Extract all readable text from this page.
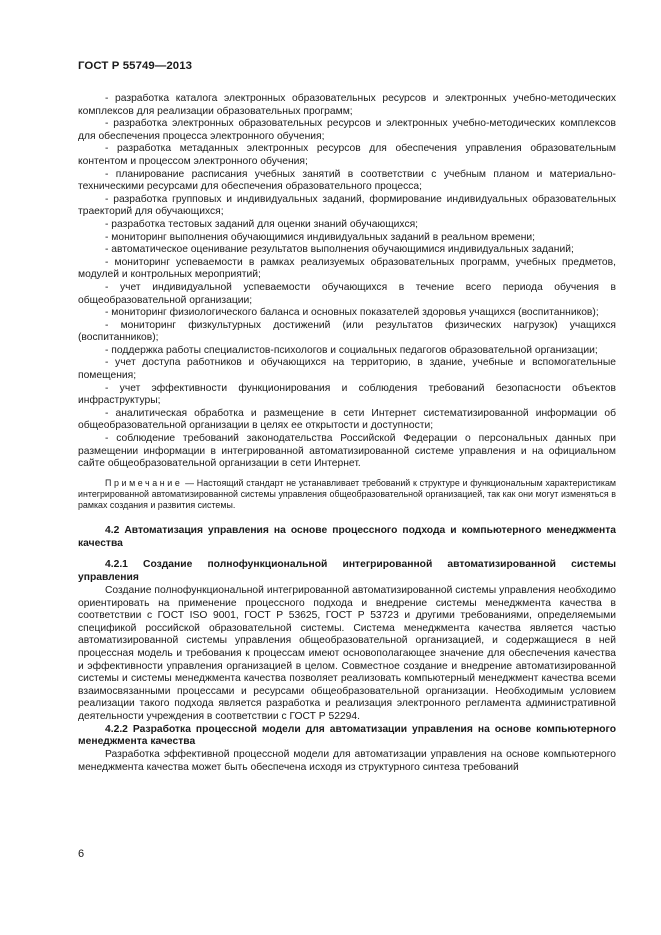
ГОСТ Р 55749—2013

- разработка каталога электронных образовательных ресурсов и электронных учебно-методических комплексов для реализации образовательных программ;

- разработка электронных образовательных ресурсов и электронных учебно-методических комплексов для обеспечения процесса электронного обучения;

- разработка метаданных электронных ресурсов для обеспечения управления образовательным контентом и процессом электронного обучения;

- планирование расписания учебных занятий в соответствии с учебным планом и материально-техническими ресурсами для обеспечения образовательного процесса;

- разработка групповых и индивидуальных заданий, формирование индивидуальных образовательных траекторий для обучающихся;

- разработка тестовых заданий для оценки знаний обучающихся;

- мониторинг выполнения обучающимися индивидуальных заданий в реальном времени;

- автоматическое оценивание результатов выполнения обучающимися индивидуальных заданий;

- мониторинг успеваемости в рамках реализуемых образовательных программ, учебных предметов, модулей и контрольных мероприятий;

- учет индивидуальной успеваемости обучающихся в течение всего периода обучения в общеобразовательной организации;

- мониторинг физиологического баланса и основных показателей здоровья учащихся (воспитанников);

- мониторинг физкультурных достижений (или результатов физических нагрузок) учащихся (воспитанников);

- поддержка работы специалистов-психологов и социальных педагогов образовательной организации;

- учет доступа работников и обучающихся на территорию, в здание, учебные и вспомогательные помещения;

- учет эффективности функционирования и соблюдения требований безопасности объектов инфраструктуры;

- аналитическая обработка и размещение в сети Интернет систематизированной информации об общеобразовательной организации в целях ее открытости и доступности;

- соблюдение требований законодательства Российской Федерации о персональных данных при размещении информации в интегрированной автоматизированной системе управления и на официальном сайте общеобразовательной организации в сети Интернет.

Примечание — Настоящий стандарт не устанавливает требований к структуре и функциональным характеристикам интегрированной автоматизированной системы управления общеобразовательной организацией, так как они могут изменяться в рамках создания и развития системы.

4.2 Автоматизация управления на основе процессного подхода и компьютерного менеджмента качества

4.2.1 Создание полнофункциональной интегрированной автоматизированной системы управления

Создание полнофункциональной интегрированной автоматизированной системы управления необходимо ориентировать на применение процессного подхода и внедрение системы менеджмента качества в соответствии с ГОСТ ISO 9001, ГОСТ Р 53625, ГОСТ Р 53723 и другими требованиями, определяемыми спецификой российской образовательной системы. Система менеджмента качества является частью автоматизированной системы управления общеобразовательной организацией, и содержащиеся в ней процессная модель и требования к процессам имеют основополагающее значение для обеспечения качества и эффективности управления организацией в целом. Совместное создание и внедрение автоматизированной системы и системы менеджмента качества позволяет реализовать компьютерный менеджмент качества всеми взаимосвязанными процессами и ресурсами общеобразовательной организации. Необходимым условием реализации такого подхода является разработка и реализация электронного регламента административной деятельности учреждения в соответствии с ГОСТ Р 52294.

4.2.2 Разработка процессной модели для автоматизации управления на основе компьютерного менеджмента качества

Разработка эффективной процессной модели для автоматизации управления на основе компьютерного менеджмента качества может быть обеспечена исходя из структурного синтеза требований

6
